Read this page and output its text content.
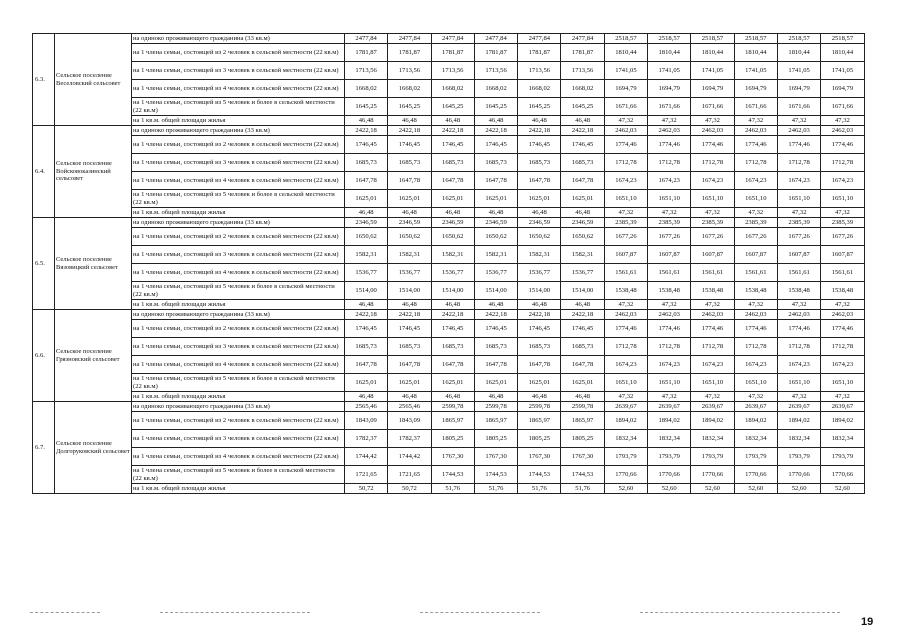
6.3.	Сельское поселение Веселовский сельсовет	на одиноко проживающего гражданина (33 кв.м)	2477,84	2477,84	2477,84	2477,84	2477,84	2477,84	2518,57	2518,57	2518,57	2518,57	2518,57	2518,57
		на 1 члена семьи, состоящей из 2 человек в сельской местности (22 кв.м)	1781,87	1781,87	1781,87	1781,87	1781,87	1781,87	1810,44	1810,44	1810,44	1810,44	1810,44	1810,44
		на 1 члена семьи, состоящей из 3 человек в сельской местности (22 кв.м)	1713,56	1713,56	1713,56	1713,56	1713,56	1713,56	1741,05	1741,05	1741,05	1741,05	1741,05	1741,05
		на 1 члена семьи, состоящей из 4 человек в сельской местности (22 кв.м)	1668,02	1668,02	1668,02	1668,02	1668,02	1668,02	1694,79	1694,79	1694,79	1694,79	1694,79	1694,79
		на 1 члена семьи, состоящей из 5 человек и более в сельской местности (22 кв.м)	1645,25	1645,25	1645,25	1645,25	1645,25	1645,25	1671,66	1671,66	1671,66	1671,66	1671,66	1671,66
		на 1 кв.м. общей площади жилья	46,48	46,48	46,48	46,48	46,48	46,48	47,32	47,32	47,32	47,32	47,32	47,32
6.4.	Сельское поселение Войсковоказинский сельсовет	на одиноко проживающего гражданина (33 кв.м)	2422,18	2422,18	2422,18	2422,18	2422,18	2422,18	2462,03	2462,03	2462,03	2462,03	2462,03	2462,03
		на 1 члена семьи, состоящей из 2 человек в сельской местности (22 кв.м)	1746,45	1746,45	1746,45	1746,45	1746,45	1746,45	1774,46	1774,46	1774,46	1774,46	1774,46	1774,46
		на 1 члена семьи, состоящей из 3 человек в сельской местности (22 кв.м)	1685,73	1685,73	1685,73	1685,73	1685,73	1685,73	1712,78	1712,78	1712,78	1712,78	1712,78	1712,78
		на 1 члена семьи, состоящей из 4 человек в сельской местности (22 кв.м)	1647,78	1647,78	1647,78	1647,78	1647,78	1647,78	1674,23	1674,23	1674,23	1674,23	1674,23	1674,23
		на 1 члена семьи, состоящей из 5 человек и более в сельской местности (22 кв.м)	1625,01	1625,01	1625,01	1625,01	1625,01	1625,01	1651,10	1651,10	1651,10	1651,10	1651,10	1651,10
		на 1 кв.м. общей площади жилья	46,48	46,48	46,48	46,48	46,48	46,48	47,32	47,32	47,32	47,32	47,32	47,32
6.5.	Сельское поселение Вязовицкий сельсовет	на одиноко проживающего гражданина (33 кв.м)	2346,59	2346,59	2346,59	2346,59	2346,59	2346,59	2385,39	2385,39	2385,39	2385,39	2385,39	2385,39
		на 1 члена семьи, состоящей из 2 человек в сельской местности (22 кв.м)	1650,62	1650,62	1650,62	1650,62	1650,62	1650,62	1677,26	1677,26	1677,26	1677,26	1677,26	1677,26
		на 1 члена семьи, состоящей из 3 человек в сельской местности (22 кв.м)	1582,31	1582,31	1582,31	1582,31	1582,31	1582,31	1607,87	1607,87	1607,87	1607,87	1607,87	1607,87
		на 1 члена семьи, состоящей из 4 человек в сельской местности (22 кв.м)	1536,77	1536,77	1536,77	1536,77	1536,77	1536,77	1561,61	1561,61	1561,61	1561,61	1561,61	1561,61
		на 1 члена семьи, состоящей из 5 человек и более в сельской местности (22 кв.м)	1514,00	1514,00	1514,00	1514,00	1514,00	1514,00	1538,48	1538,48	1538,48	1538,48	1538,48	1538,48
		на 1 кв.м. общей площади жилья	46,48	46,48	46,48	46,48	46,48	46,48	47,32	47,32	47,32	47,32	47,32	47,32
6.6.	Сельское поселение Грязновский сельсовет	на одиноко проживающего гражданина (33 кв.м)	2422,18	2422,18	2422,18	2422,18	2422,18	2422,18	2462,03	2462,03	2462,03	2462,03	2462,03	2462,03
		на 1 члена семьи, состоящей из 2 человек в сельской местности (22 кв.м)	1746,45	1746,45	1746,45	1746,45	1746,45	1746,45	1774,46	1774,46	1774,46	1774,46	1774,46	1774,46
		на 1 члена семьи, состоящей из 3 человек в сельской местности (22 кв.м)	1685,73	1685,73	1685,73	1685,73	1685,73	1685,73	1712,78	1712,78	1712,78	1712,78	1712,78	1712,78
		на 1 члена семьи, состоящей из 4 человек в сельской местности (22 кв.м)	1647,78	1647,78	1647,78	1647,78	1647,78	1647,78	1674,23	1674,23	1674,23	1674,23	1674,23	1674,23
		на 1 члена семьи, состоящей из 5 человек и более в сельской местности (22 кв.м)	1625,01	1625,01	1625,01	1625,01	1625,01	1625,01	1651,10	1651,10	1651,10	1651,10	1651,10	1651,10
		на 1 кв.м. общей площади жилья	46,48	46,48	46,48	46,48	46,48	46,48	47,32	47,32	47,32	47,32	47,32	47,32
6.7.	Сельское поселение Долгоруковский сельсовет	на одиноко проживающего гражданина (33 кв.м)	2565,46	2565,46	2599,78	2599,78	2599,78	2599,78	2639,67	2639,67	2639,67	2639,67	2639,67	2639,67
		на 1 члена семьи, состоящей из 2 человек в сельской местности (22 кв.м)	1843,09	1843,09	1865,97	1865,97	1865,97	1865,97	1894,02	1894,02	1894,02	1894,02	1894,02	1894,02
		на 1 члена семьи, состоящей из 3 человек в сельской местности (22 кв.м)	1782,37	1782,37	1805,25	1805,25	1805,25	1805,25	1832,34	1832,34	1832,34	1832,34	1832,34	1832,34
		на 1 члена семьи, состоящей из 4 человек в сельской местности (22 кв.м)	1744,42	1744,42	1767,30	1767,30	1767,30	1767,30	1793,79	1793,79	1793,79	1793,79	1793,79	1793,79
		на 1 члена семьи, состоящей из 5 человек и более в сельской местности (22 кв.м)	1721,65	1721,65	1744,53	1744,53	1744,53	1744,53	1770,66	1770,66	1770,66	1770,66	1770,66	1770,66
		на 1 кв.м. общей площади жилья	50,72	50,72	51,76	51,76	51,76	51,76	52,60	52,60	52,60	52,60	52,60	52,60
19
